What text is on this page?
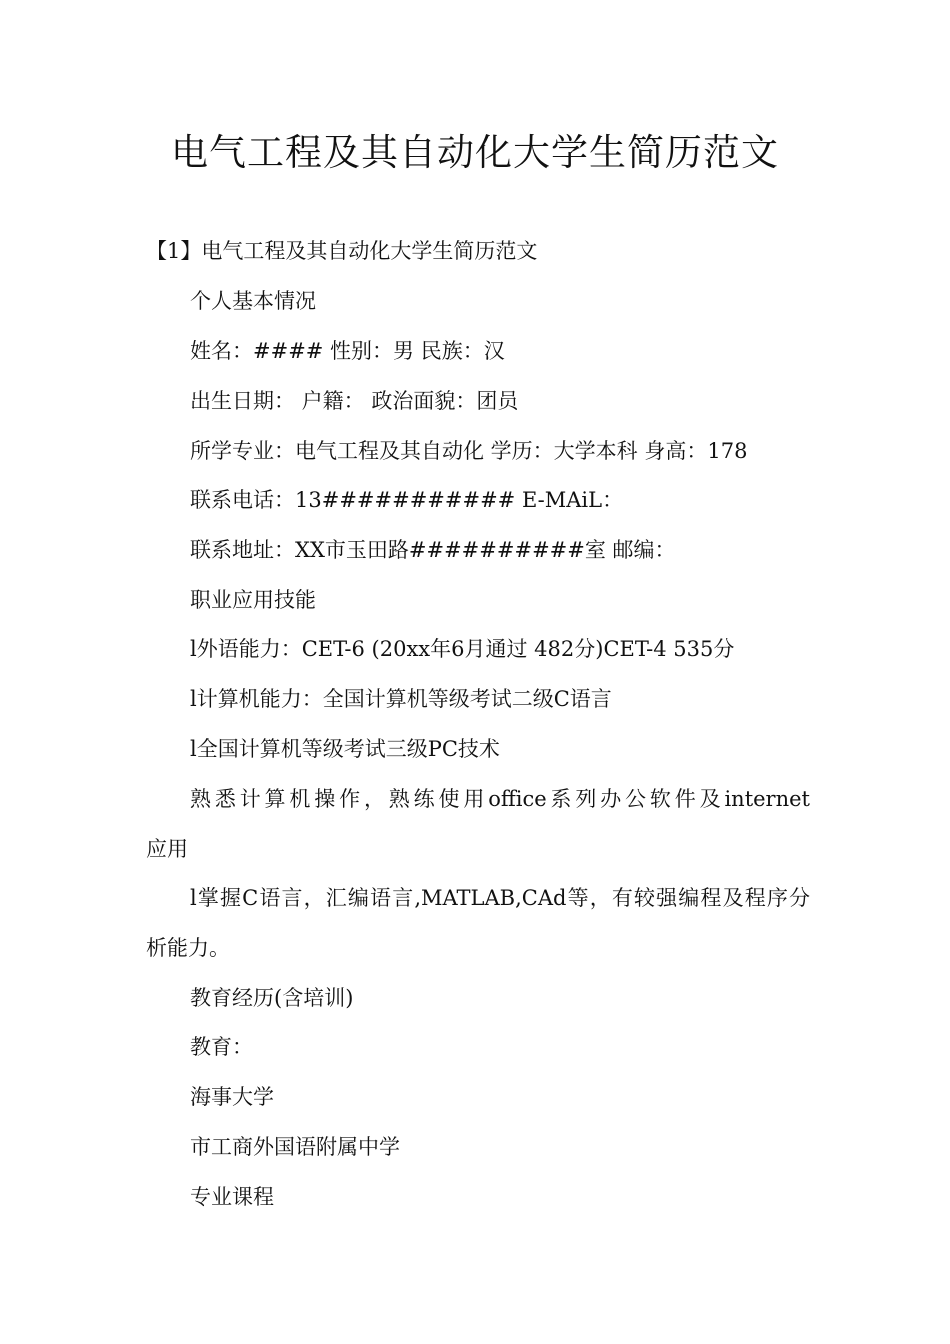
电气工程及其自动化大学生简历范文
【1】电气工程及其自动化大学生简历范文
个人基本情况
姓名：#### 性别：男 民族：汉
出生日期： 户籍： 政治面貌：团员
所学专业：电气工程及其自动化 学历：大学本科 身高：178
联系电话：13########### E-MAiL：
联系地址：XX市玉田路##########室 邮编：
职业应用技能
l外语能力：CET-6 (20xx年6月通过 482分)CET-4 535分
l计算机能力：全国计算机等级考试二级C语言
l全国计算机等级考试三级PC技术
熟悉计算机操作，熟练使用office系列办公软件及internet
应用
l掌握C语言，汇编语言,MATLAB,CAd等，有较强编程及程序分
析能力。
教育经历(含培训)
教育：
海事大学
市工商外国语附属中学
专业课程
